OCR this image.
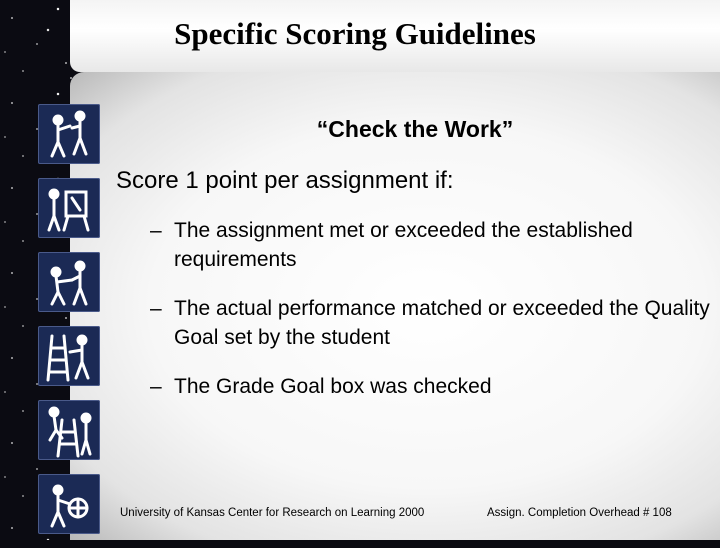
Specific Scoring Guidelines
“Check the Work”
Score 1 point per assignment if:
– The assignment met or exceeded the established requirements
– The actual performance matched or exceeded the Quality Goal set by the student
– The Grade Goal box was checked
University of Kansas Center for Research on Learning 2000	Assign. Completion Overhead # 108
